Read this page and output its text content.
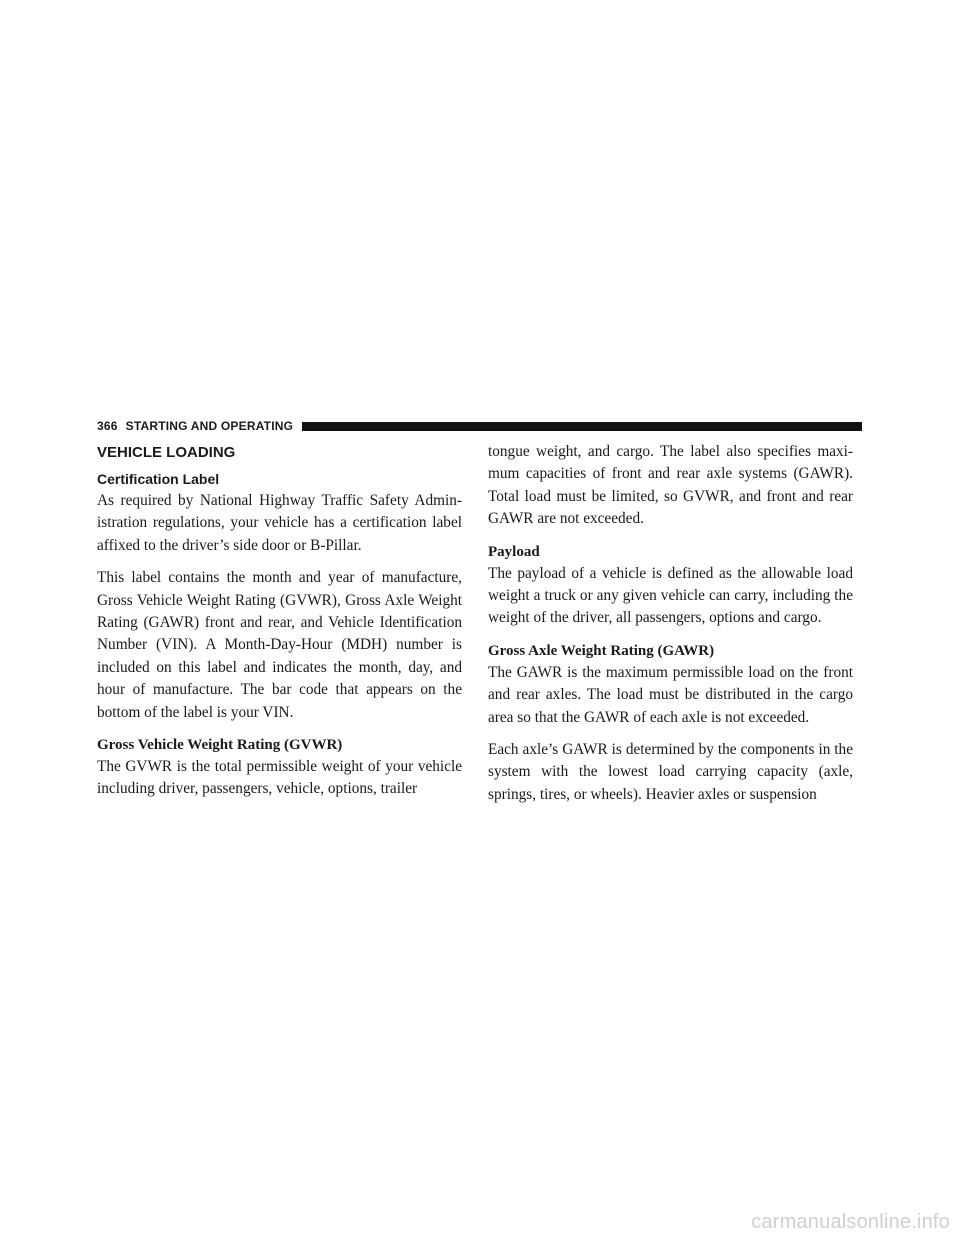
366 STARTING AND OPERATING
VEHICLE LOADING
Certification Label

As required by National Highway Traffic Safety Admin-istration regulations, your vehicle has a certification label affixed to the driver’s side door or B-Pillar.

This label contains the month and year of manufacture, Gross Vehicle Weight Rating (GVWR), Gross Axle Weight Rating (GAWR) front and rear, and Vehicle Identification Number (VIN). A Month-Day-Hour (MDH) number is included on this label and indicates the month, day, and hour of manufacture. The bar code that appears on the bottom of the label is your VIN.

Gross Vehicle Weight Rating (GVWR)

The GVWR is the total permissible weight of your vehicle including driver, passengers, vehicle, options, trailer

tongue weight, and cargo. The label also specifies maxi-mum capacities of front and rear axle systems (GAWR). Total load must be limited, so GVWR, and front and rear GAWR are not exceeded.

Payload

The payload of a vehicle is defined as the allowable load weight a truck or any given vehicle can carry, including the weight of the driver, all passengers, options and cargo.

Gross Axle Weight Rating (GAWR)

The GAWR is the maximum permissible load on the front and rear axles. The load must be distributed in the cargo area so that the GAWR of each axle is not exceeded.

Each axle’s GAWR is determined by the components in the system with the lowest load carrying capacity (axle, springs, tires, or wheels). Heavier axles or suspension

carmanualsonline.info
